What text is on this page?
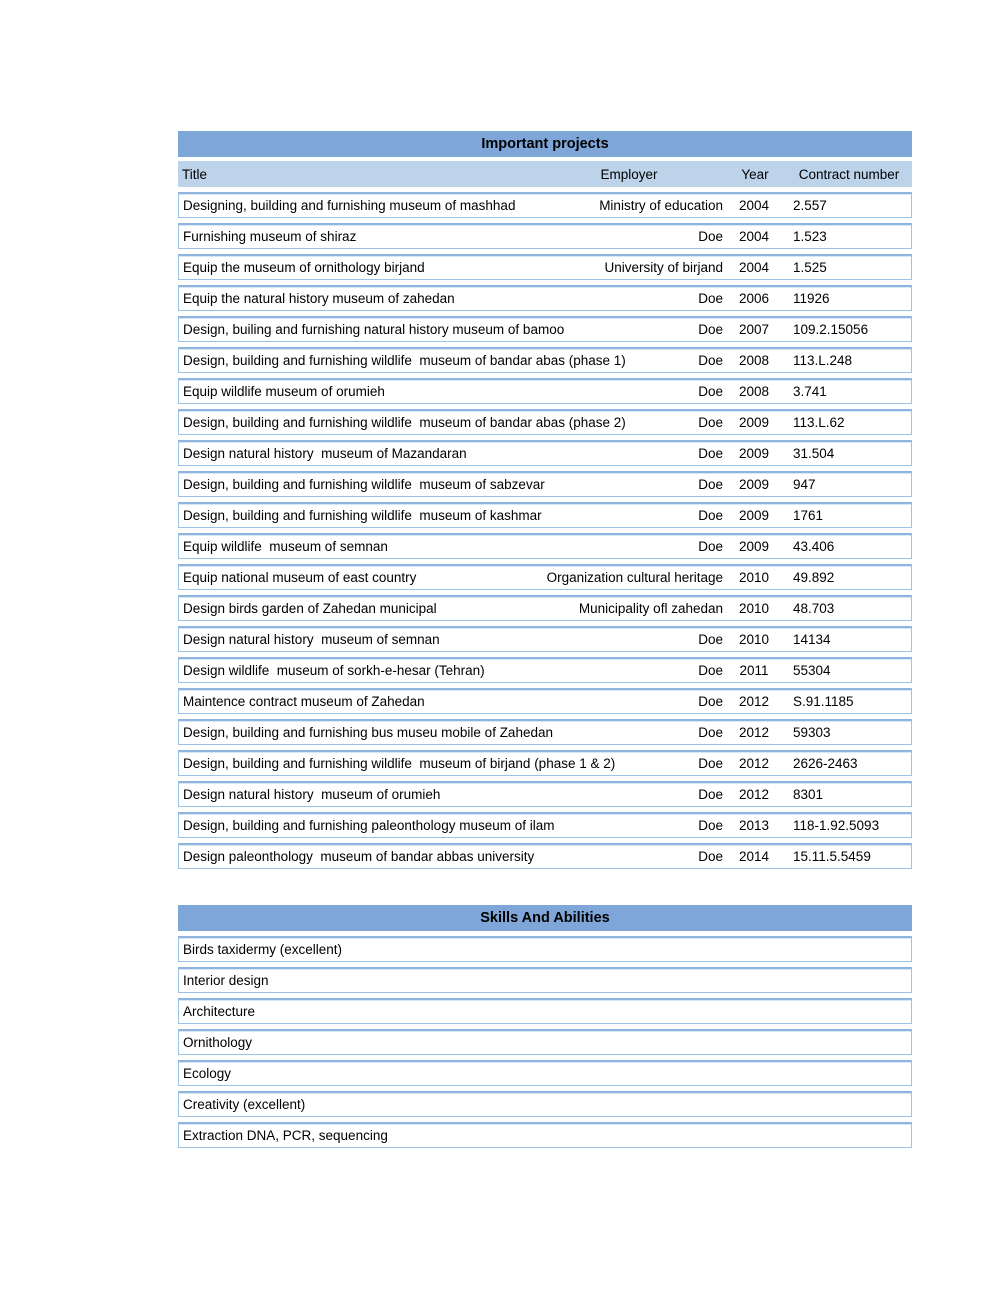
Important projects
Title	Employer	Year	Contract number
Designing, building and furnishing museum of mashhad	Ministry of education	2004	2.557
Furnishing museum of shiraz	Doe	2004	1.523
Equip the museum of ornithology birjand	University of birjand	2004	1.525
Equip the natural history museum of zahedan	Doe	2006	11926
Design, builing and furnishing natural history museum of bamoo	Doe	2007	109.2.15056
Design, building and furnishing wildlife  museum of bandar abas (phase 1)	Doe	2008	113.L.248
Equip wildlife museum of orumieh	Doe	2008	3.741
Design, building and furnishing wildlife  museum of bandar abas (phase 2)	Doe	2009	113.L.62
Design natural history  museum of Mazandaran	Doe	2009	31.504
Design, building and furnishing wildlife  museum of sabzevar	Doe	2009	947
Design, building and furnishing wildlife  museum of kashmar	Doe	2009	1761
Equip wildlife  museum of semnan	Doe	2009	43.406
Equip national museum of east country	Organization cultural heritage	2010	49.892
Design birds garden of Zahedan municipal	Municipality ofl zahedan	2010	48.703
Design natural history  museum of semnan	Doe	2010	14134
Design wildlife  museum of sorkh-e-hesar (Tehran)	Doe	2011	55304
Maintence contract museum of Zahedan	Doe	2012	S.91.1185
Design, building and furnishing bus museu mobile of Zahedan	Doe	2012	59303
Design, building and furnishing wildlife  museum of birjand (phase 1 & 2)	Doe	2012	2626-2463
Design natural history  museum of orumieh	Doe	2012	8301
Design, building and furnishing paleonthology museum of ilam	Doe	2013	118-1.92.5093
Design paleonthology  museum of bandar abbas university	Doe	2014	15.11.5.5459
Skills And Abilities
Birds taxidermy (excellent)
Interior design
Architecture
Ornithology
Ecology
Creativity (excellent)
Extraction DNA, PCR, sequencing
